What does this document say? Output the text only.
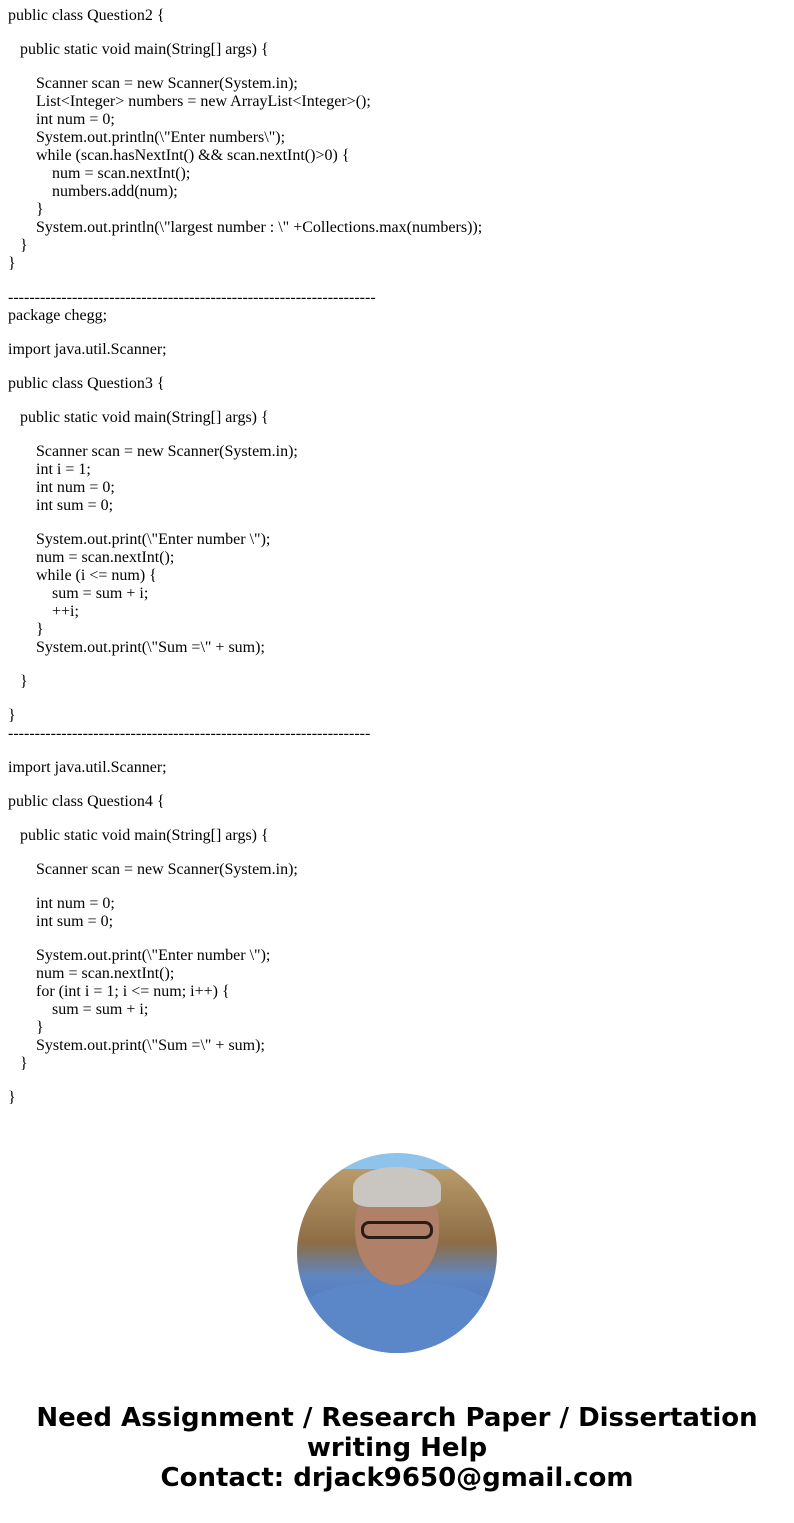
public class Question2 {
public static void main(String[] args) {
Scanner scan = new Scanner(System.in);
List<Integer> numbers = new ArrayList<Integer>();
int num = 0;
System.out.println(\"Enter numbers\");
while (scan.hasNextInt() && scan.nextInt()>0) {
num = scan.nextInt();
numbers.add(num);
}
System.out.println(\"largest number : \" +Collections.max(numbers));
}
}
---------------------------------------------------------------------
package chegg;
import java.util.Scanner;
public class Question3 {
public static void main(String[] args) {
Scanner scan = new Scanner(System.in);
int i = 1;
int num = 0;
int sum = 0;
System.out.print(\"Enter number \");
num = scan.nextInt();
while (i <= num) {
sum = sum + i;
++i;
}
System.out.print(\"Sum =\" + sum);
}
}
--------------------------------------------------------------------
import java.util.Scanner;
public class Question4 {
public static void main(String[] args) {
Scanner scan = new Scanner(System.in);
int num = 0;
int sum = 0;
System.out.print(\"Enter number \");
num = scan.nextInt();
for (int i = 1; i <= num; i++) {
sum = sum + i;
}
System.out.print(\"Sum =\" + sum);
}
}
Need Assignment / Research Paper / Dissertation
writing Help
Contact: drjack9650@gmail.com
